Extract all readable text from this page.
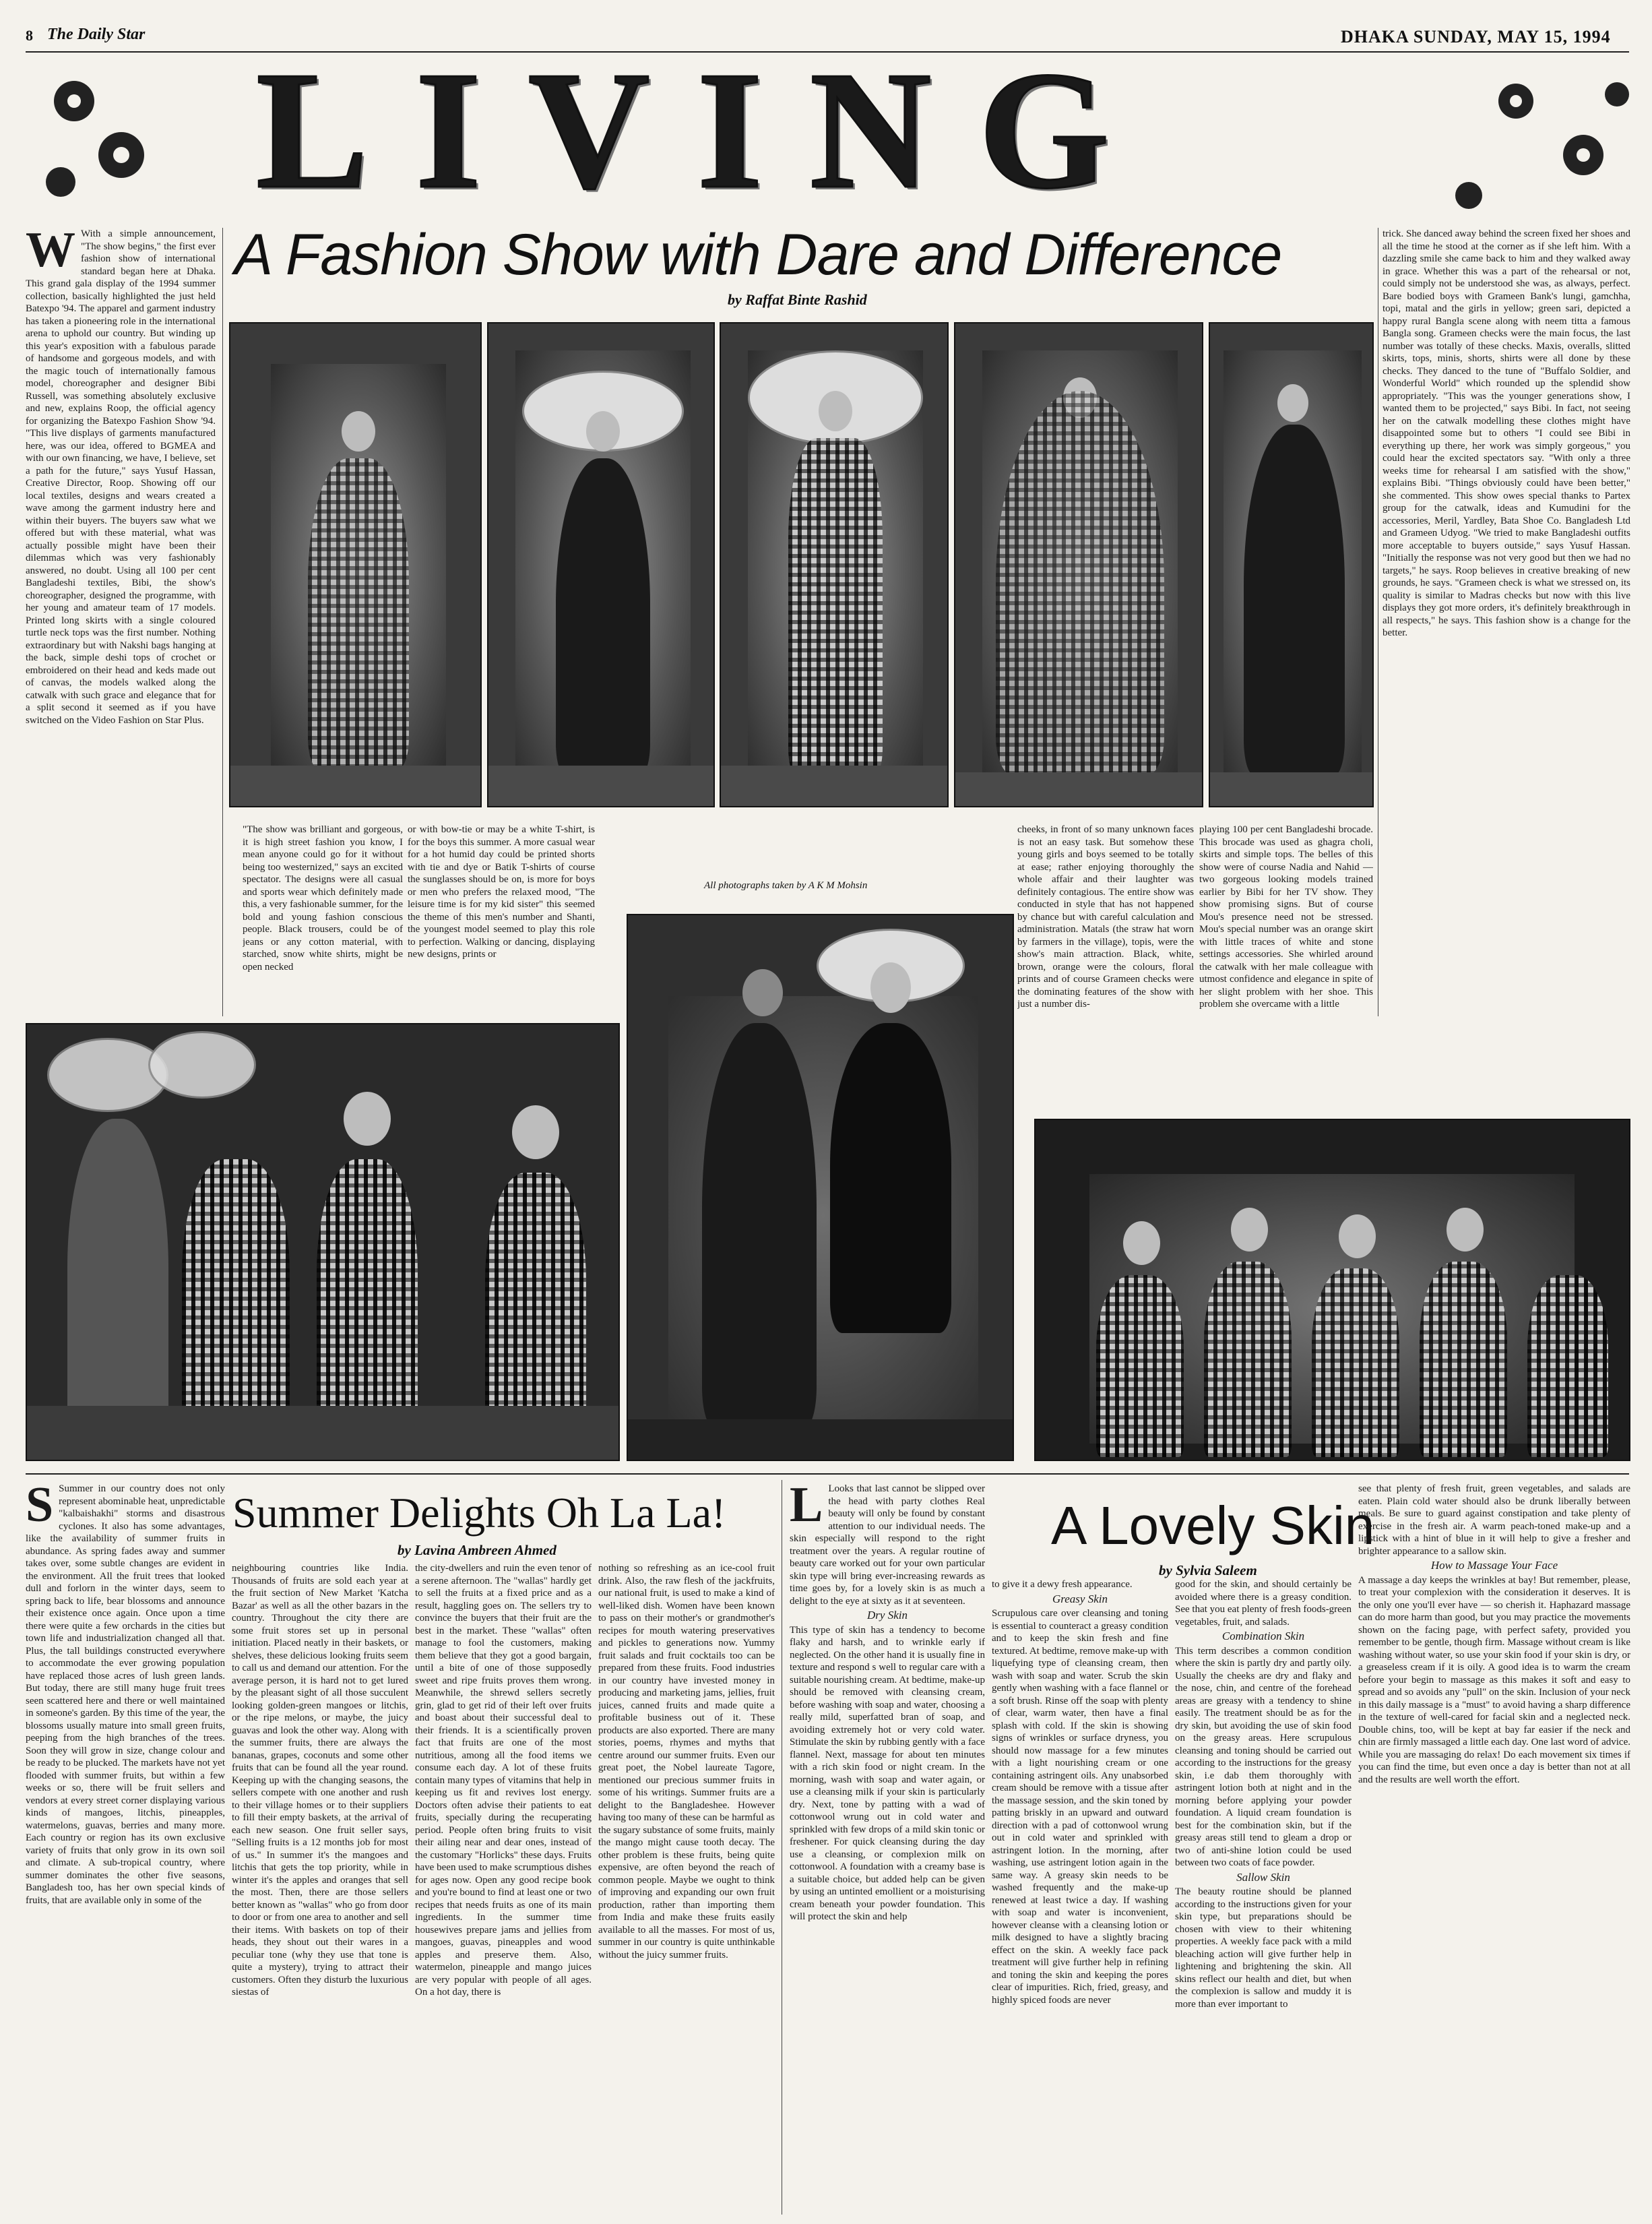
8 The Daily Star	DHAKA SUNDAY, MAY 15, 1994
LIVING
A Fashion Show with Dare and Difference
by Raffat Binte Rashid
W With a simple announcement, "The show begins," the first ever fashion show of international standard began here at Dhaka. This grand gala display of the 1994 summer collection, basically highlighted the just held Batexpo '94. The apparel and garment industry has taken a pioneering role in the international arena to uphold our country. But winding up this year's exposition with a fabulous parade of handsome and gorgeous models, and with the magic touch of internationally famous model, choreographer and designer Bibi Russell, was something absolutely exclusive and new, explains Roop, the official agency for organizing the Batexpo Fashion Show '94. "This live displays of garments manufactured here, was our idea, offered to BGMEA and with our own financing, we have, I believe, set a path for the future," says Yusuf Hassan, Creative Director, Roop. Showing off our local textiles, designs and wears created a wave among the garment industry here and within their buyers. The buyers saw what we offered but with these material, what was actually possible might have been their dilemmas which was very fashionably answered, no doubt. Using all 100 per cent Bangladeshi textiles, Bibi, the show's choreographer, designed the programme, with her young and amateur team of 17 models. Printed long skirts with a single coloured turtle neck tops was the first number. Nothing extraordinary but with Nakshi bags hanging at the back, simple deshi tops of crochet or embroidered on their head and keds made out of canvas, the models walked along the catwalk with such grace and elegance that for a split second it seemed as if you have switched on the Video Fashion on Star Plus.
trick. She danced away behind the screen fixed her shoes and all the time he stood at the corner as if she left him. With a dazzling smile she came back to him and they walked away in grace. Whether this was a part of the rehearsal or not, could simply not be understood she was, as always, perfect. Bare bodied boys with Grameen Bank's lungi, gamchha, topi, matal and the girls in yellow; green sari, depicted a happy rural Bangla scene along with neem titta a famous Bangla song. Grameen checks were the main focus, the last number was totally of these checks. Maxis, overalls, slitted skirts, tops, minis, shorts, shirts were all done by these checks. They danced to the tune of "Buffalo Soldier, and Wonderful World" which rounded up the splendid show appropriately. "This was the younger generations show, I wanted them to be projected," says Bibi. In fact, not seeing her on the catwalk modelling these clothes might have disappointed some but to others "I could see Bibi in everything up there, her work was simply gorgeous," you could hear the excited spectators say. "With only a three weeks time for rehearsal I am satisfied with the show," explains Bibi. "Things obviously could have been better," she commented. This show owes special thanks to Partex group for the catwalk, ideas and Kumudini for the accessories, Meril, Yardley, Bata Shoe Co. Bangladesh Ltd and Grameen Udyog. "We tried to make Bangladeshi outfits more acceptable to buyers outside," says Yusuf Hassan. "Initially the response was not very good but then we had no targets," he says. Roop believes in creative breaking of new grounds, he says. "Grameen check is what we stressed on, its quality is similar to Madras checks but now with this live displays they got more orders, it's definitely breakthrough in all respects," he says. This fashion show is a change for the better.
All photographs taken by A K M Mohsin
"The show was brilliant and gorgeous, it is high street fashion you know, I mean anyone could go for it without being too westernized," says an excited spectator. The designs were all casual and sports wear which definitely made this, a very fashionable summer, for the bold and young fashion conscious people. Black trousers, could be of jeans or any cotton material, with starched, snow white shirts, might be open necked
or with bow-tie or may be a white T-shirt, is for the boys this summer. A more casual wear for a hot humid day could be printed shorts with tie and dye or Batik T-shirts of course the sunglasses should be on, is more for boys or men who prefers the relaxed mood, "The leisure time is for my kid sister" this seemed the theme of this men's number and Shanti, the youngest model seemed to play this role to perfection. Walking or dancing, displaying new designs, prints or
cheeks, in front of so many unknown faces is not an easy task. But somehow these young girls and boys seemed to be totally at ease; rather enjoying thoroughly the whole affair and their laughter was definitely contagious. The entire show was conducted in style that has not happened by chance but with careful calculation and administration. Matals (the straw hat worn by farmers in the village), topis, were the show's main attraction. Black, white, brown, orange were the colours, floral prints and of course Grameen checks were the dominating features of the show with just a number dis-
playing 100 per cent Bangladeshi brocade. This brocade was used as ghagra choli, skirts and simple tops. The belles of this show were of course Nadia and Nahid — two gorgeous looking models trained earlier by Bibi for her TV show. They show promising signs. But of course Mou's presence need not be stressed. Mou's special number was an orange skirt with little traces of white and stone settings accessories. She whirled around the catwalk with her male colleague with utmost confidence and elegance in spite of her slight problem with her shoe. This problem she overcame with a little
Summer Delights Oh La La!
by Lavina Ambreen Ahmed
S Summer in our country does not only represent abominable heat, unpredictable "kalbaishakhi" storms and disastrous cyclones. It also has some advantages, like the availability of summer fruits in abundance. As spring fades away and summer takes over, some subtle changes are evident in the environment. All the fruit trees that looked dull and forlorn in the winter days, seem to spring back to life, bear blossoms and announce their existence once again. Once upon a time there were quite a few orchards in the cities but town life and industrialization changed all that. Plus, the tall buildings constructed everywhere to accommodate the ever growing population have replaced those acres of lush green lands. But today, there are still many huge fruit trees seen scattered here and there or well maintained in someone's garden. By this time of the year, the blossoms usually mature into small green fruits, peeping from the high branches of the trees. Soon they will grow in size, change colour and be ready to be plucked. The markets have not yet flooded with summer fruits, but within a few weeks or so, there will be fruit sellers and vendors at every street corner displaying various kinds of mangoes, litchis, pineapples, watermelons, guavas, berries and many more. Each country or region has its own exclusive variety of fruits that only grow in its own soil and climate. A sub-tropical country, where summer dominates the other five seasons, Bangladesh too, has her own special kinds of fruits, that are available only in some of the
neighbouring countries like India. Thousands of fruits are sold each year at the fruit section of New Market 'Katcha Bazar' as well as all the other bazars in the country. Throughout the city there are some fruit stores set up in personal initiation. Placed neatly in their baskets, or shelves, these delicious looking fruits seem to call us and demand our attention. For the average person, it is hard not to get lured by the pleasant sight of all those succulent looking golden-green mangoes or litchis, or the ripe melons, or maybe, the juicy guavas and look the other way. Along with the summer fruits, there are always the bananas, grapes, coconuts and some other fruits that can be found all the year round. Keeping up with the changing seasons, the sellers compete with one another and rush to their village homes or to their suppliers to fill their empty baskets, at the arrival of each new season. One fruit seller says, "Selling fruits is a 12 months job for most of us." In summer it's the mangoes and litchis that gets the top priority, while in winter it's the apples and oranges that sell the most. Then, there are those sellers better known as "wallas" who go from door to door or from one area to another and sell their items. With baskets on top of their heads, they shout out their wares in a peculiar tone (why they use that tone is quite a mystery), trying to attract their customers. Often they disturb the luxurious siestas of
the city-dwellers and ruin the even tenor of a serene afternoon. The "wallas" hardly get to sell the fruits at a fixed price and as a result, haggling goes on. The sellers try to convince the buyers that their fruit are the best in the market. These "wallas" often manage to fool the customers, making them believe that they got a good bargain, until a bite of one of those supposedly sweet and ripe fruits proves them wrong. Meanwhile, the shrewd sellers secretly grin, glad to get rid of their left over fruits and boast about their successful deal to their friends. It is a scientifically proven fact that fruits are one of the most nutritious, among all the food items we consume each day. A lot of these fruits contain many types of vitamins that help in keeping us fit and revives lost energy. Doctors often advise their patients to eat fruits, specially during the recuperating period. People often bring fruits to visit their ailing near and dear ones, instead of the customary "Horlicks" these days. Fruits have been used to make scrumptious dishes for ages now. Open any good recipe book and you're bound to find at least one or two recipes that needs fruits as one of its main ingredients. In the summer time housewives prepare jams and jellies from mangoes, guavas, pineapples and wood apples and preserve them. Also, watermelon, pineapple and mango juices are very popular with people of all ages. On a hot day, there is
nothing so refreshing as an ice-cool fruit drink. Also, the raw flesh of the jackfruits, our national fruit, is used to make a kind of well-liked dish. Women have been known to pass on their mother's or grandmother's recipes for mouth watering preservatives and pickles to generations now. Yummy fruit salads and fruit cocktails too can be prepared from these fruits. Food industries in our country have invested money in producing and marketing jams, jellies, fruit juices, canned fruits and made quite a profitable business out of it. These products are also exported. There are many stories, poems, rhymes and myths that centre around our summer fruits. Even our great poet, the Nobel laureate Tagore, mentioned our precious summer fruits in some of his writings. Summer fruits are a delight to the Bangladeshee. However having too many of these can be harmful as the sugary substance of some fruits, mainly the mango might cause tooth decay. The other problem is these fruits, being quite expensive, are often beyond the reach of common people. Maybe we ought to think of improving and expanding our own fruit production, rather than importing them from India and make these fruits easily available to all the masses. For most of us, summer in our country is quite unthinkable without the juicy summer fruits.
A Lovely Skin
by Sylvia Saleem
L Looks that last cannot be slipped over the head with party clothes Real beauty will only be found by constant attention to our individual needs. The skin especially will respond to the right treatment over the years. A regular routine of beauty care worked out for your own particular skin type will bring ever-increasing rewards as time goes by, for a lovely skin is as much a delight to the eye at sixty as it at seventeen.
Dry Skin
This type of skin has a tendency to become flaky and harsh, and to wrinkle early if neglected. On the other hand it is usually fine in texture and respond s well to regular care with a suitable nourishing cream. At bedtime, make-up should be removed with cleansing cream, before washing with soap and water, choosing a really mild, superfatted bran of soap, and avoiding extremely hot or very cold water. Stimulate the skin by rubbing gently with a face flannel. Next, massage for about ten minutes with a rich skin food or night cream. In the morning, wash with soap and water again, or use a cleansing milk if your skin is particularly dry. Next, tone by patting with a wad of cottonwool wrung out in cold water and sprinkled with few drops of a mild skin tonic or freshener. For quick cleansing during the day use a cleansing, or complexion milk on cottonwool. A foundation with a creamy base is a suitable choice, but added help can be given by using an untinted emollient or a moisturising cream beneath your powder foundation. This will protect the skin and help
to give it a dewy fresh appearance.
Greasy Skin
Scrupulous care over cleansing and toning is essential to counteract a greasy condition and to keep the skin fresh and fine textured. At bedtime, remove make-up with liquefying type of cleansing cream, then wash with soap and water. Scrub the skin gently when washing with a face flannel or a soft brush. Rinse off the soap with plenty of clear, warm water, then have a final splash with cold. If the skin is showing signs of wrinkles or surface dryness, you should now massage for a few minutes with a light nourishing cream or one containing astringent oils. Any unabsorbed cream should be remove with a tissue after the massage session, and the skin toned by patting briskly in an upward and outward direction with a pad of cottonwool wrung out in cold water and sprinkled with astringent lotion. In the morning, after washing, use astringent lotion again in the same way. A greasy skin needs to be washed frequently and the make-up renewed at least twice a day. If washing with soap and water is inconvenient, however cleanse with a cleansing lotion or milk designed to have a slightly bracing effect on the skin. A weekly face pack treatment will give further help in refining and toning the skin and keeping the pores clear of impurities. Rich, fried, greasy, and highly spiced foods are never
good for the skin, and should certainly be avoided where there is a greasy condition. See that you eat plenty of fresh foods-green vegetables, fruit, and salads.
Combination Skin
This term describes a common condition where the skin is partly dry and partly oily. Usually the cheeks are dry and flaky and the nose, chin, and centre of the forehead areas are greasy with a tendency to shine easily. The treatment should be as for the dry skin, but avoiding the use of skin food on the greasy areas. Here scrupulous cleansing and toning should be carried out according to the instructions for the greasy skin, i.e dab them thoroughly with astringent lotion both at night and in the morning before applying your powder foundation. A liquid cream foundation is best for the combination skin, but if the greasy areas still tend to gleam a drop or two of anti-shine lotion could be used between two coats of face powder.
Sallow Skin
The beauty routine should be planned according to the instructions given for your skin type, but preparations should be chosen with view to their whitening properties. A weekly face pack with a mild bleaching action will give further help in lightening and brightening the skin. All skins reflect our health and diet, but when the complexion is sallow and muddy it is more than ever important to
see that plenty of fresh fruit, green vegetables, and salads are eaten. Plain cold water should also be drunk liberally between meals. Be sure to guard against constipation and take plenty of exercise in the fresh air. A warm peach-toned make-up and a lipstick with a hint of blue in it will help to give a fresher and brighter appearance to a sallow skin.
How to Massage Your Face
A massage a day keeps the wrinkles at bay! But remember, please, to treat your complexion with the consideration it deserves. It is the only one you'll ever have — so cherish it. Haphazard massage can do more harm than good, but you may practice the movements shown on the facing page, with perfect safety, provided you remember to be gentle, though firm. Massage without cream is like washing without water, so use your skin food if your skin is dry, or a greaseless cream if it is oily. A good idea is to warm the cream before your begin to massage as this makes it soft and easy to spread and so avoids any "pull" on the skin. Inclusion of your neck in this daily massage is a "must" to avoid having a sharp difference in the texture of well-cared for facial skin and a neglected neck. Double chins, too, will be kept at bay far easier if the neck and chin are firmly massaged a little each day. One last word of advice. While you are massaging do relax! Do each movement six times if you can find the time, but even once a day is better than not at all and the results are well worth the effort.
